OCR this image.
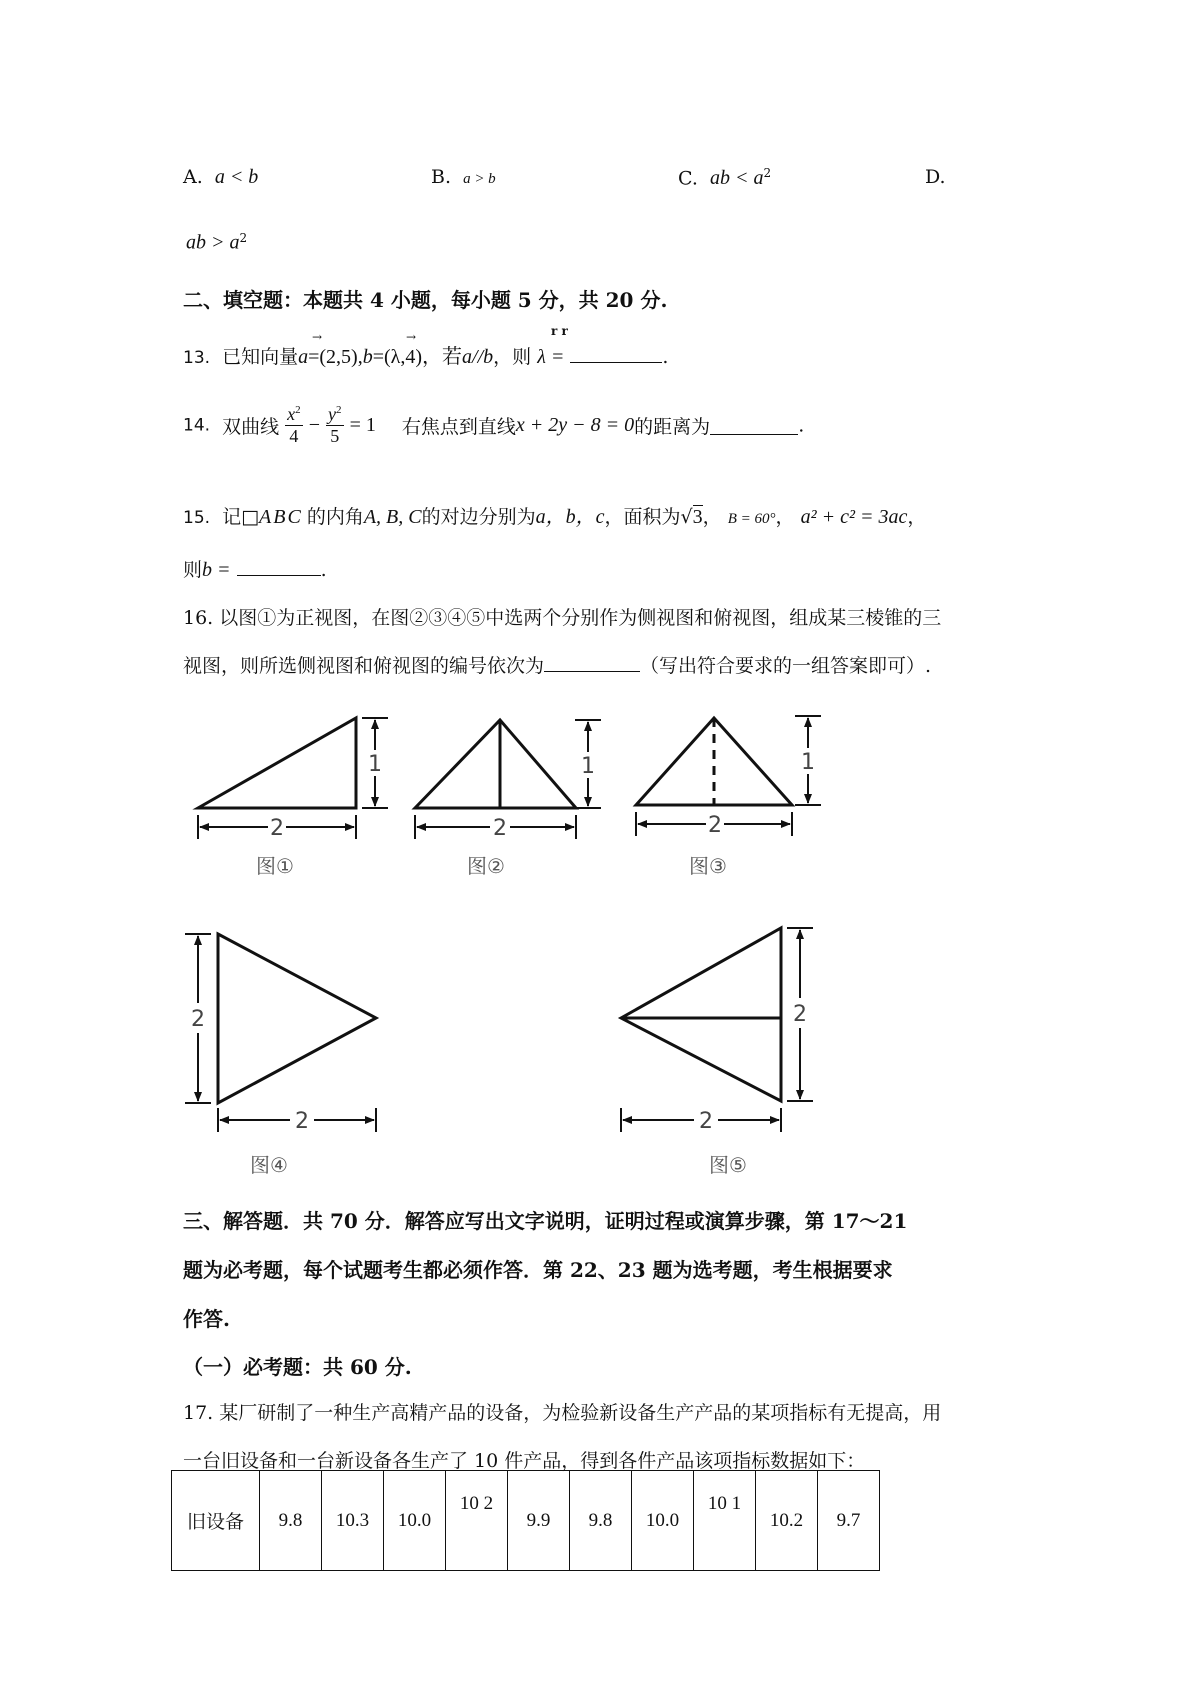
A. a < b	B. a > b	C. ab < $a^2$	D.
ab > $a^2$
二、填空题：本题共 4 小题，每小题 5 分，共 20 分.
13. 已知向量a=(2,5),b=(λ,4)，若a//b，则 λ =	.
r r
→	→
14. 双曲线 $\frac{x^2}{4} - \frac{y^2}{5} = 1$ 右焦点到直线x + 2y − 8 = 0的距离为	.
15. 记□ABC 的内角A, B, C的对边分别为a，b，c，面积为√3， B = 60°， a² + c² = 3ac，
则b =	.
16. 以图①为正视图，在图②③④⑤中选两个分别作为侧视图和俯视图，组成某三棱锥的三
视图，则所选侧视图和俯视图的编号依次为	（写出符合要求的一组答案即可）.
2
1
2
1
2
1
2
2
2
2
图①	图②	图③
图④	图⑤
三、解答题．共 70 分．解答应写出文字说明，证明过程或演算步骤，第 17～21
题为必考题，每个试题考生都必须作答．第 22、23 题为选考题，考生根据要求
作答.
（一）必考题：共 60 分.
17. 某厂研制了一种生产高精产品的设备，为检验新设备生产产品的某项指标有无提高，用
一台旧设备和一台新设备各生产了 10 件产品，得到各件产品该项指标数据如下：
旧设备	9.8	10.3	10.0	10 2	9.9	9.8	10.0	10 1	10.2	9.7
